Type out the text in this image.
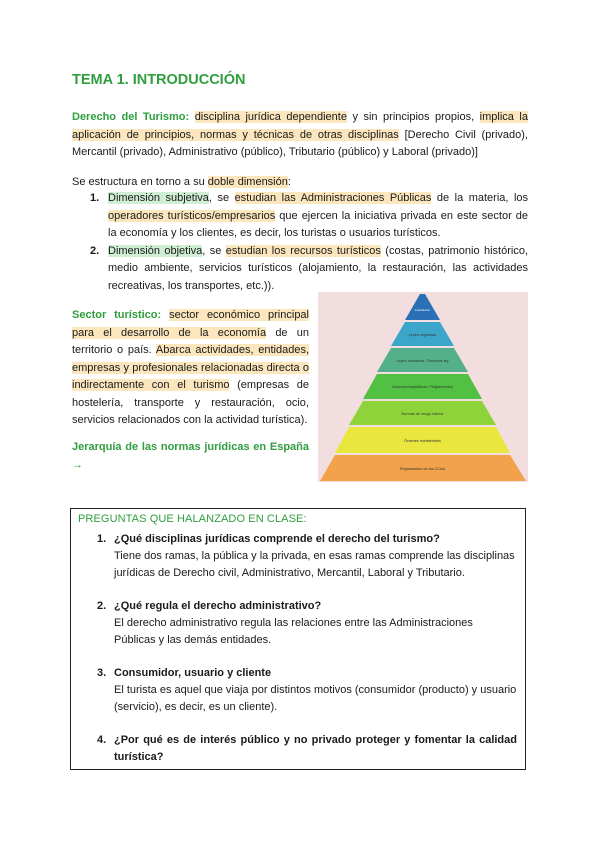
TEMA 1. INTRODUCCIÓN

Derecho del Turismo: disciplina jurídica dependiente y sin principios propios, implica la aplicación de principios, normas y técnicas de otras disciplinas [Derecho Civil (privado), Mercantil (privado), Administrativo (público), Tributario (público) y Laboral (privado)]

Se estructura en torno a su doble dimensión:

1. Dimensión subjetiva, se estudian las Administraciones Públicas de la materia, los operadores turísticos/empresarios que ejercen la iniciativa privada en este sector de la economía y los clientes, es decir, los turistas o usuarios turísticos.
2. Dimensión objetiva, se estudian los recursos turísticos (costas, patrimonio histórico, medio ambiente, servicios turísticos (alojamiento, la restauración, las actividades recreativas, los transportes, etc.)).

Sector turístico: sector económico principal para el desarrollo de la economía de un territorio o país. Abarca actividades, entidades, empresas y profesionales relacionadas directa o indirectamente con el turismo (empresas de hostelería, transporte y restauración, ocio, servicios relacionados con la actividad turística).

Jerarquía de las normas jurídicas en España →

Constitución
Leyes orgánicas
Leyes ordinarias / Decretos ley
Decretos legislativos / Reglamentos
Normas de rango inferior
Órdenes ministeriales
Reglamentos de las CCAA

PREGUNTAS QUE HALANZADO EN CLASE:

1. ¿Qué disciplinas jurídicas comprende el derecho del turismo?
Tiene dos ramas, la pública y la privada, en esas ramas comprende las disciplinas jurídicas de Derecho civil, Administrativo, Mercantil, Laboral y Tributario.
2. ¿Qué regula el derecho administrativo?
El derecho administrativo regula las relaciones entre las Administraciones Públicas y las demás entidades.
3. Consumidor, usuario y cliente
El turista es aquel que viaja por distintos motivos (consumidor (producto) y usuario (servicio), es decir, es un cliente).
4. ¿Por qué es de interés público y no privado proteger y fomentar la calidad turística?
